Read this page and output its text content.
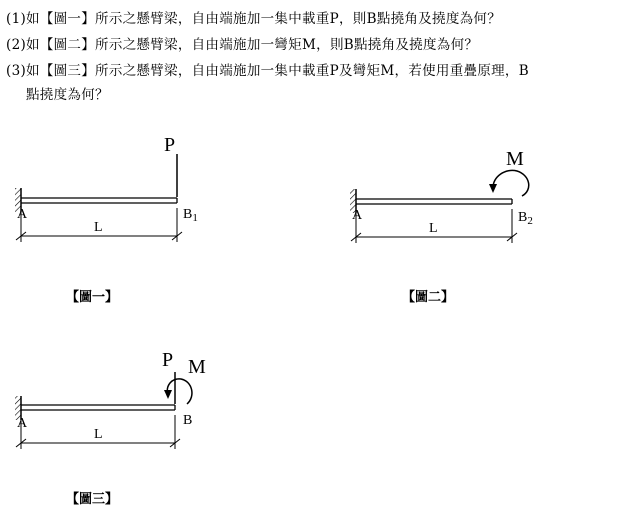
(1)如【圖一】所示之懸臂梁，自由端施加一集中載重P，則B點撓角及撓度為何？
(2)如【圖二】所示之懸臂梁，自由端施加一彎矩M，則B點撓角及撓度為何？
(3)如【圖三】所示之懸臂梁，自由端施加一集中載重P及彎矩M，若使用重疊原理，B
點撓度為何？
P
A	$B_1$
L
M
A	$B_2$
L
P M
A	B
L
【圖一】	【圖二】
【圖三】
